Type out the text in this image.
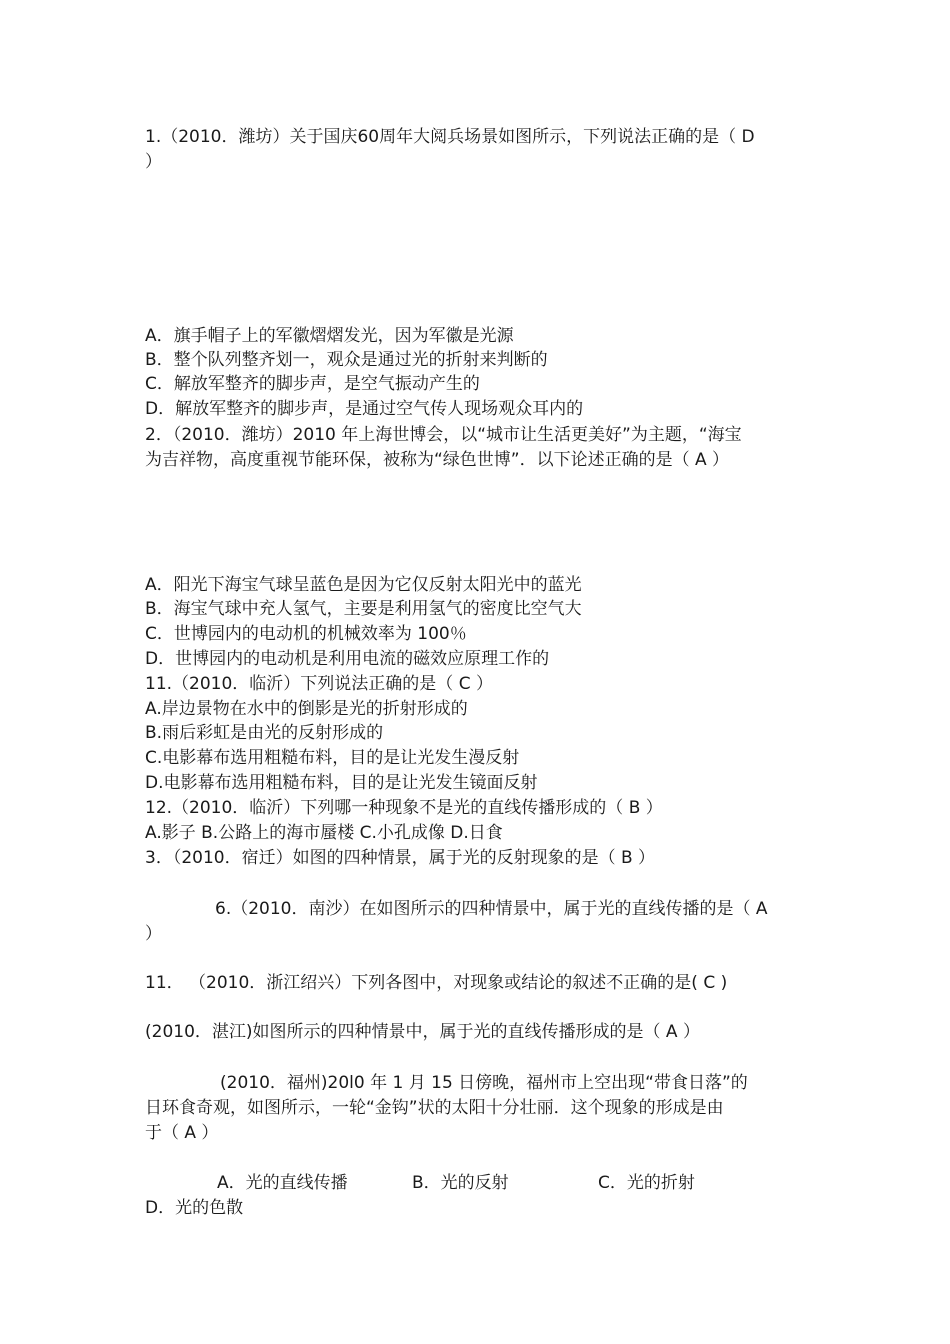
1.（2010．潍坊）关于国庆60周年大阅兵场景如图所示，下列说法正确的是（ D
）
A．旗手帽子上的军徽熠熠发光，因为军徽是光源
B．整个队列整齐划一，观众是通过光的折射来判断的
C．解放军整齐的脚步声，是空气振动产生的
D．解放军整齐的脚步声，是通过空气传人现场观众耳内的
2．（2010．潍坊）2010 年上海世博会，以“城市让生活更美好”为主题，“海宝
为吉祥物，高度重视节能环保，被称为“绿色世博”．以下论述正确的是（ A ）
A．阳光下海宝气球呈蓝色是因为它仅反射太阳光中的蓝光
B．海宝气球中充人氢气，主要是利用氢气的密度比空气大
C．世博园内的电动机的机械效率为 100％
D．世博园内的电动机是利用电流的磁效应原理工作的
11.（2010．临沂）下列说法正确的是（ C ）
A.岸边景物在水中的倒影是光的折射形成的
B.雨后彩虹是由光的反射形成的
C.电影幕布选用粗糙布料，目的是让光发生漫反射
D.电影幕布选用粗糙布料，目的是让光发生镜面反射
12.（2010．临沂）下列哪一种现象不是光的直线传播形成的（ B ）
A.影子 B.公路上的海市蜃楼 C.小孔成像 D.日食
3．（2010．宿迁）如图的四种情景，属于光的反射现象的是（ B ）
6.（2010．南沙）在如图所示的四种情景中，属于光的直线传播的是（ A
）
11． （2010．浙江绍兴）下列各图中，对现象或结论的叙述不正确的是( C )
(2010．湛江)如图所示的四种情景中，属于光的直线传播形成的是（ A ）
(2010．福州)20l0 年 1 月 15 日傍晚，福州市上空出现“带食日落”的
日环食奇观，如图所示，一轮“金钩”状的太阳十分壮丽．这个现象的形成是由
于（ A ）
A．光的直线传播	B．光的反射	C．光的折射
D．光的色散
